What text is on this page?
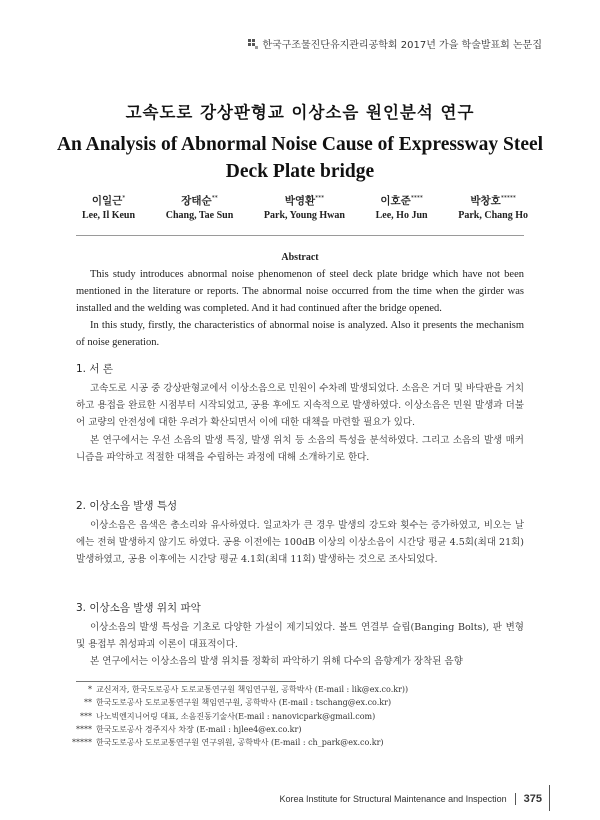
한국구조물진단유지관리공학회 2017년 가을 학술발표회 논문집
고속도로 강상판형교 이상소음 원인분석 연구
An Analysis of Abnormal Noise Cause of Expressway Steel
Deck Plate bridge
이일근*
Lee, Il Keun
장태순**
Chang, Tae Sun
박영환***
Park, Young Hwan
이호준****
Lee, Ho Jun
박창호*****
Park, Chang Ho
Abstract

This study introduces abnormal noise phenomenon of steel deck plate bridge which have not been mentioned in the literature or reports. The abnormal noise occurred from the time when the girder was installed and the welding was completed. And it had continued after the bridge opened.

In this study, firstly, the characteristics of abnormal noise is analyzed. Also it presents the mechanism of noise generation.

1. 서 론

고속도로 시공 중 강상판형교에서 이상소음으로 민원이 수차례 발생되었다. 소음은 거더 및 바닥판을 거치하고 용접을 완료한 시점부터 시작되었고, 공용 후에도 지속적으로 발생하였다. 이상소음은 민원 발생과 더불어 교량의 안전성에 대한 우려가 확산되면서 이에 대한 대책을 마련할 필요가 있다.

본 연구에서는 우선 소음의 발생 특징, 발생 위치 등 소음의 특성을 분석하였다. 그리고 소음의 발생 매커니즘을 파악하고 적절한 대책을 수립하는 과정에 대해 소개하기로 한다.

2. 이상소음 발생 특성

이상소음은 음색은 총소리와 유사하였다. 일교차가 큰 경우 발생의 강도와 횟수는 증가하였고, 비오는 날에는 전혀 발생하지 않기도 하였다. 공용 이전에는 100dB 이상의 이상소음이 시간당 평균 4.5회(최대 21회) 발생하였고, 공용 이후에는 시간당 평균 4.1회(최대 11회) 발생하는 것으로 조사되었다.

3. 이상소음 발생 위치 파악

이상소음의 발생 특성을 기초로 다양한 가설이 제기되었다. 볼트 연결부 슬립(Banging Bolts), 판 변형 및 용접부 취성파괴 이론이 대표적이다.

본 연구에서는 이상소음의 발생 위치를 정확히 파악하기 위해 다수의 음향계가 장착된 음향

* 교신저자, 한국도로공사 도로교통연구원 책임연구원, 공학박사 (E-mail : lik@ex.co.kr))
** 한국도로공사 도로교통연구원 책임연구원, 공학박사 (E-mail : tschang@ex.co.kr)
*** 나노빅엔지니어링 대표, 소음진동기술사(E-mail : nanovicpark@gmail.com)
**** 한국도로공사 경주지사 차장 (E-mail : hjlee4@ex.co.kr)
***** 한국도로공사 도로교통연구원 연구위원, 공학박사 (E-mail : ch_park@ex.co.kr)
Korea Institute for Structural Maintenance and Inspection 375
